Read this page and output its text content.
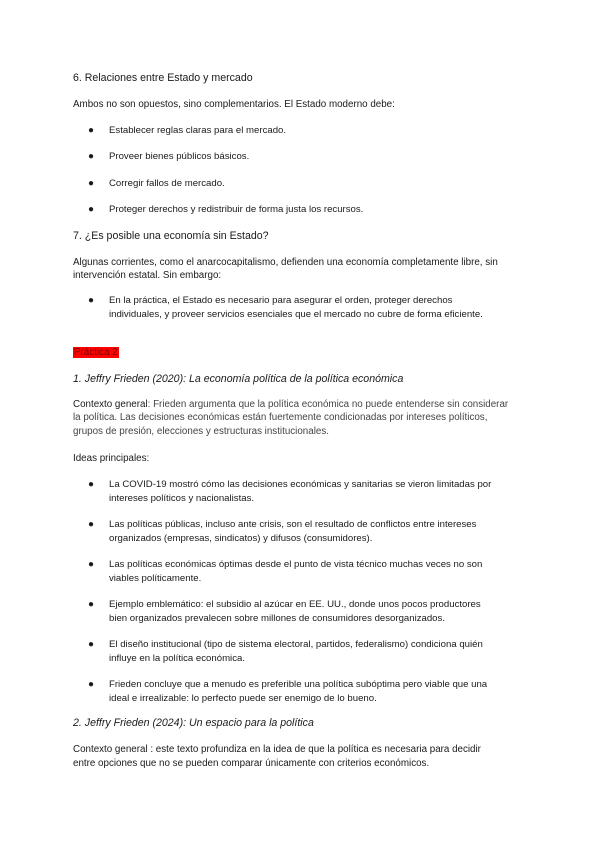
6. Relaciones entre Estado y mercado

Ambos no son opuestos, sino complementarios. El Estado moderno debe:

● Establecer reglas claras para el mercado.
● Proveer bienes públicos básicos.
● Corregir fallos de mercado.
● Proteger derechos y redistribuir de forma justa los recursos.

7. ¿Es posible una economía sin Estado?

Algunas corrientes, como el anarcocapitalismo, defienden una economía completamente libre, sin

intervención estatal. Sin embargo:

● En la práctica, el Estado es necesario para asegurar el orden, proteger derechos
individuales, y proveer servicios esenciales que el mercado no cubre de forma eficiente.

Práctica 2

1. Jeffry Frieden (2020): La economía política de la política económica

Contexto general: Frieden argumenta que la política económica no puede entenderse sin considerar

la política. Las decisiones económicas están fuertemente condicionadas por intereses políticos,

grupos de presión, elecciones y estructuras institucionales.

Ideas principales:

● La COVID-19 mostró cómo las decisiones económicas y sanitarias se vieron limitadas por
intereses políticos y nacionalistas.
● Las políticas públicas, incluso ante crisis, son el resultado de conflictos entre intereses
organizados (empresas, sindicatos) y difusos (consumidores).
● Las políticas económicas óptimas desde el punto de vista técnico muchas veces no son
viables políticamente.
● Ejemplo emblemático: el subsidio al azúcar en EE. UU., donde unos pocos productores
bien organizados prevalecen sobre millones de consumidores desorganizados.
● El diseño institucional (tipo de sistema electoral, partidos, federalismo) condiciona quién
influye en la política económica.
● Frieden concluye que a menudo es preferible una política subóptima pero viable que una
ideal e irrealizable: lo perfecto puede ser enemigo de lo bueno.

2. Jeffry Frieden (2024): Un espacio para la política

Contexto general : este texto profundiza en la idea de que la política es necesaria para decidir

entre opciones que no se pueden comparar únicamente con criterios económicos.
